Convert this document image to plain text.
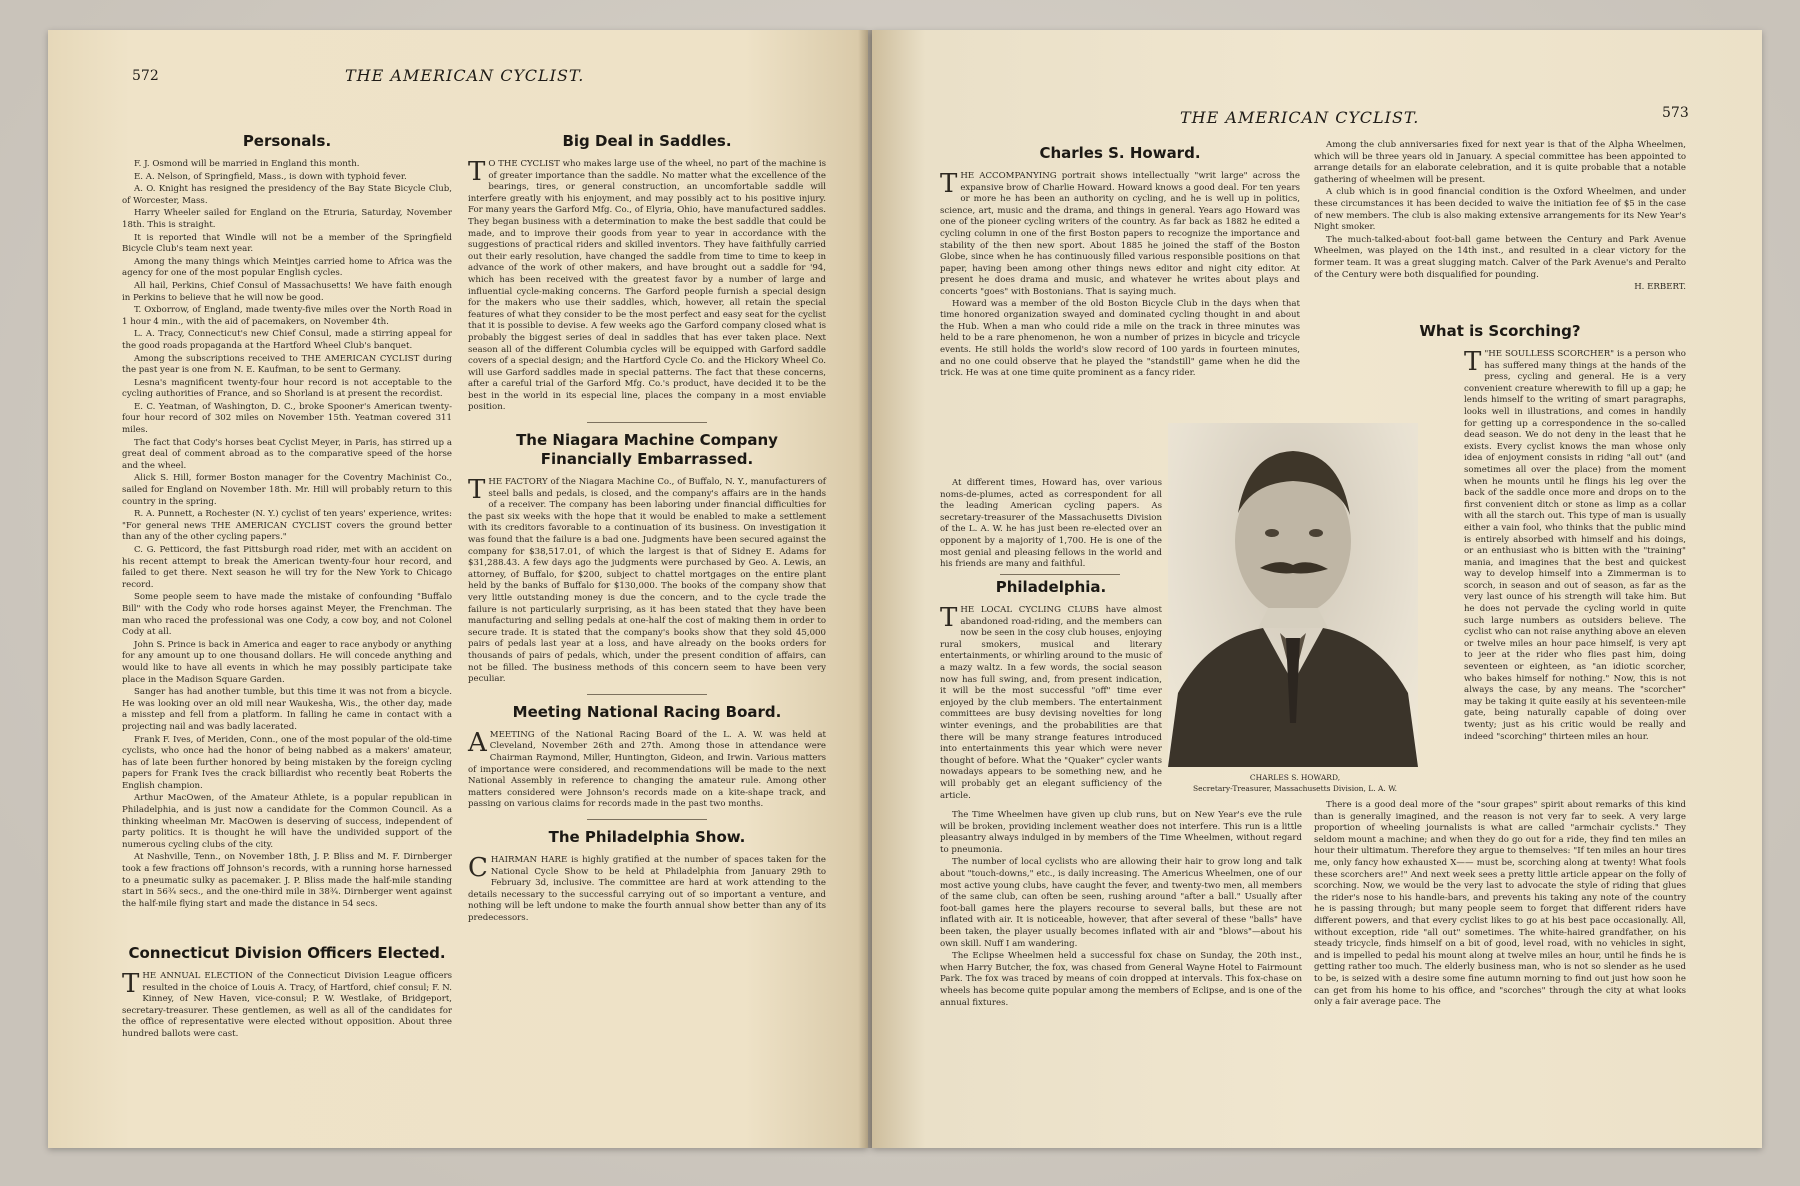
572	THE AMERICAN CYCLIST.
Personals.

F. J. Osmond will be married in England this month.

E. A. Nelson, of Springfield, Mass., is down with typhoid fever.

A. O. Knight has resigned the presidency of the Bay State Bicycle Club, of Worcester, Mass.

Harry Wheeler sailed for England on the Etruria, Saturday, November 18th. This is straight.

It is reported that Windle will not be a member of the Springfield Bicycle Club's team next year.

Among the many things which Meintjes carried home to Africa was the agency for one of the most popular English cycles.

All hail, Perkins, Chief Consul of Massachusetts! We have faith enough in Perkins to believe that he will now be good.

T. Oxborrow, of England, made twenty-five miles over the North Road in 1 hour 4 min., with the aid of pacemakers, on November 4th.

L. A. Tracy, Connecticut's new Chief Consul, made a stirring appeal for the good roads propaganda at the Hartford Wheel Club's banquet.

Among the subscriptions received to THE AMERICAN CYCLIST during the past year is one from N. E. Kaufman, to be sent to Germany.

Lesna's magnificent twenty-four hour record is not acceptable to the cycling authorities of France, and so Shorland is at present the recordist.

E. C. Yeatman, of Washington, D. C., broke Spooner's American twenty-four hour record of 302 miles on November 15th. Yeatman covered 311 miles.

The fact that Cody's horses beat Cyclist Meyer, in Paris, has stirred up a great deal of comment abroad as to the comparative speed of the horse and the wheel.

Alick S. Hill, former Boston manager for the Coventry Machinist Co., sailed for England on November 18th. Mr. Hill will probably return to this country in the spring.

R. A. Punnett, a Rochester (N. Y.) cyclist of ten years' experience, writes: "For general news THE AMERICAN CYCLIST covers the ground better than any of the other cycling papers."

C. G. Petticord, the fast Pittsburgh road rider, met with an accident on his recent attempt to break the American twenty-four hour record, and failed to get there. Next season he will try for the New York to Chicago record.

Some people seem to have made the mistake of confounding "Buffalo Bill" with the Cody who rode horses against Meyer, the Frenchman. The man who raced the professional was one Cody, a cow boy, and not Colonel Cody at all.

John S. Prince is back in America and eager to race anybody or anything for any amount up to one thousand dollars. He will concede anything and would like to have all events in which he may possibly participate take place in the Madison Square Garden.

Sanger has had another tumble, but this time it was not from a bicycle. He was looking over an old mill near Waukesha, Wis., the other day, made a misstep and fell from a platform. In falling he came in contact with a projecting nail and was badly lacerated.

Frank F. Ives, of Meriden, Conn., one of the most popular of the old-time cyclists, who once had the honor of being nabbed as a makers' amateur, has of late been further honored by being mistaken by the foreign cycling papers for Frank Ives the crack billiardist who recently beat Roberts the English champion.

Arthur MacOwen, of the Amateur Athlete, is a popular republican in Philadelphia, and is just now a candidate for the Common Council. As a thinking wheelman Mr. MacOwen is deserving of success, independent of party politics. It is thought he will have the undivided support of the numerous cycling clubs of the city.

At Nashville, Tenn., on November 18th, J. P. Bliss and M. F. Dirnberger took a few fractions off Johnson's records, with a running horse harnessed to a pneumatic sulky as pacemaker. J. P. Bliss made the half-mile standing start in 56¾ secs., and the one-third mile in 38¾. Dirnberger went against the half-mile flying start and made the distance in 54 secs.

Connecticut Division Officers Elected.
T HE ANNUAL ELECTION of the Connecticut Division League officers resulted in the choice of Louis A. Tracy, of Hartford, chief consul; F. N. Kinney, of New Haven, vice-consul; P. W. Westlake, of Bridgeport, secretary-treasurer. These gentlemen, as well as all of the candidates for the office of representative were elected without opposition. About three hundred ballots were cast.
Big Deal in Saddles.
T O THE CYCLIST who makes large use of the wheel, no part of the machine is of greater importance than the saddle. No matter what the excellence of the bearings, tires, or general construction, an uncomfortable saddle will interfere greatly with his enjoyment, and may possibly act to his positive injury. For many years the Garford Mfg. Co., of Elyria, Ohio, have manufactured saddles. They began business with a determination to make the best saddle that could be made, and to improve their goods from year to year in accordance with the suggestions of practical riders and skilled inventors. They have faithfully carried out their early resolution, have changed the saddle from time to time to keep in advance of the work of other makers, and have brought out a saddle for '94, which has been received with the greatest favor by a number of large and influential cycle-making concerns. The Garford people furnish a special design for the makers who use their saddles, which, however, all retain the special features of what they consider to be the most perfect and easy seat for the cyclist that it is possible to devise. A few weeks ago the Garford company closed what is probably the biggest series of deal in saddles that has ever taken place. Next season all of the different Columbia cycles will be equipped with Garford saddle covers of a special design; and the Hartford Cycle Co. and the Hickory Wheel Co. will use Garford saddles made in special patterns. The fact that these concerns, after a careful trial of the Garford Mfg. Co.'s product, have decided it to be the best in the world in its especial line, places the company in a most enviable position.
The Niagara Machine Company Financially Embarrassed.
T HE FACTORY of the Niagara Machine Co., of Buffalo, N. Y., manufacturers of steel balls and pedals, is closed, and the company's affairs are in the hands of a receiver. The company has been laboring under financial difficulties for the past six weeks with the hope that it would be enabled to make a settlement with its creditors favorable to a continuation of its business. On investigation it was found that the failure is a bad one. Judgments have been secured against the company for $38,517.01, of which the largest is that of Sidney E. Adams for $31,288.43. A few days ago the judgments were purchased by Geo. A. Lewis, an attorney, of Buffalo, for $200, subject to chattel mortgages on the entire plant held by the banks of Buffalo for $130,000. The books of the company show that very little outstanding money is due the concern, and to the cycle trade the failure is not particularly surprising, as it has been stated that they have been manufacturing and selling pedals at one-half the cost of making them in order to secure trade. It is stated that the company's books show that they sold 45,000 pairs of pedals last year at a loss, and have already on the books orders for thousands of pairs of pedals, which, under the present condition of affairs, can not be filled. The business methods of this concern seem to have been very peculiar.
Meeting National Racing Board.
A MEETING of the National Racing Board of the L. A. W. was held at Cleveland, November 26th and 27th. Among those in attendance were Chairman Raymond, Miller, Huntington, Gideon, and Irwin. Various matters of importance were considered, and recommendations will be made to the next National Assembly in reference to changing the amateur rule. Among other matters considered were Johnson's records made on a kite-shape track, and passing on various claims for records made in the past two months.
The Philadelphia Show.
C HAIRMAN HARE is highly gratified at the number of spaces taken for the National Cycle Show to be held at Philadelphia from January 29th to February 3d, inclusive. The committee are hard at work attending to the details necessary to the successful carrying out of so important a venture, and nothing will be left undone to make the fourth annual show better than any of its predecessors.
THE AMERICAN CYCLIST.	573
Charles S. Howard.
T HE ACCOMPANYING portrait shows intellectually "writ large" across the expansive brow of Charlie Howard. Howard knows a good deal. For ten years or more he has been an authority on cycling, and he is well up in politics, science, art, music and the drama, and things in general. Years ago Howard was one of the pioneer cycling writers of the country. As far back as 1882 he edited a cycling column in one of the first Boston papers to recognize the importance and stability of the then new sport. About 1885 he joined the staff of the Boston Globe, since when he has continuously filled various responsible positions on that paper, having been among other things news editor and night city editor. At present he does drama and music, and whatever he writes about plays and concerts "goes" with Bostonians. That is saying much.

Howard was a member of the old Boston Bicycle Club in the days when that time honored organization swayed and dominated cycling thought in and about the Hub. When a man who could ride a mile on the track in three minutes was held to be a rare phenomenon, he won a number of prizes in bicycle and tricycle events. He still holds the world's slow record of 100 yards in fourteen minutes, and no one could observe that he played the "standstill" game when he did the trick. He was at one time quite prominent as a fancy rider.

At different times, Howard has, over various noms-de-plumes, acted as correspondent for all the leading American cycling papers. As secretary-treasurer of the Massachusetts Division of the L. A. W. he has just been re-elected over an opponent by a majority of 1,700. He is one of the most genial and pleasing fellows in the world and his friends are many and faithful.

Philadelphia.
T HE LOCAL CYCLING CLUBS have almost abandoned road-riding, and the members can now be seen in the cosy club houses, enjoying rural smokers, musical and literary entertainments, or whirling around to the music of a mazy waltz. In a few words, the social season now has full swing, and, from present indication, it will be the most successful "off" time ever enjoyed by the club members. The entertainment committees are busy devising novelties for long winter evenings, and the probabilities are that there will be many strange features introduced into entertainments this year which were never thought of before. What the "Quaker" cycler wants nowadays appears to be something new, and he will probably get an elegant sufficiency of the article.

The Time Wheelmen have given up club runs, but on New Year's eve the rule will be broken, providing inclement weather does not interfere. This run is a little pleasantry always indulged in by members of the Time Wheelmen, without regard to pneumonia.

The number of local cyclists who are allowing their hair to grow long and talk about "touch-downs," etc., is daily increasing. The Americus Wheelmen, one of our most active young clubs, have caught the fever, and twenty-two men, all members of the same club, can often be seen, rushing around "after a ball." Usually after foot-ball games here the players recourse to several balls, but these are not inflated with air. It is noticeable, however, that after several of these "balls" have been taken, the player usually becomes inflated with air and "blows"—about his own skill. Nuff I am wandering.

The Eclipse Wheelmen held a successful fox chase on Sunday, the 20th inst., when Harry Butcher, the fox, was chased from General Wayne Hotel to Fairmount Park. The fox was traced by means of coin dropped at intervals. This fox-chase on wheels has become quite popular among the members of Eclipse, and is one of the annual fixtures.

CHARLES S. HOWARD,
Secretary-Treasurer, Massachusetts Division, L. A. W.

Among the club anniversaries fixed for next year is that of the Alpha Wheelmen, which will be three years old in January. A special committee has been appointed to arrange details for an elaborate celebration, and it is quite probable that a notable gathering of wheelmen will be present.

A club which is in good financial condition is the Oxford Wheelmen, and under these circumstances it has been decided to waive the initiation fee of $5 in the case of new members. The club is also making extensive arrangements for its New Year's Night smoker.

The much-talked-about foot-ball game between the Century and Park Avenue Wheelmen, was played on the 14th inst., and resulted in a clear victory for the former team. It was a great slugging match. Calver of the Park Avenue's and Peralto of the Century were both disqualified for pounding.

H. ERBERT.
What is Scorching?
T "HE SOULLESS SCORCHER" is a person who has suffered many things at the hands of the press, cycling and general. He is a very convenient creature wherewith to fill up a gap; he lends himself to the writing of smart paragraphs, looks well in illustrations, and comes in handily for getting up a correspondence in the so-called dead season. We do not deny in the least that he exists. Every cyclist knows the man whose only idea of enjoyment consists in riding "all out" (and sometimes all over the place) from the moment when he mounts until he flings his leg over the back of the saddle once more and drops on to the first convenient ditch or stone as limp as a collar with all the starch out. This type of man is usually either a vain fool, who thinks that the public mind is entirely absorbed with himself and his doings, or an enthusiast who is bitten with the "training" mania, and imagines that the best and quickest way to develop himself into a Zimmerman is to scorch, in season and out of season, as far as the very last ounce of his strength will take him. But he does not pervade the cycling world in quite such large numbers as outsiders believe. The cyclist who can not raise anything above an eleven or twelve miles an hour pace himself, is very apt to jeer at the rider who flies past him, doing seventeen or eighteen, as "an idiotic scorcher, who bakes himself for nothing." Now, this is not always the case, by any means. The "scorcher" may be taking it quite easily at his seventeen-mile gate, being naturally capable of doing over twenty; just as his critic would be really and indeed "scorching" thirteen miles an hour.

There is a good deal more of the "sour grapes" spirit about remarks of this kind than is generally imagined, and the reason is not very far to seek. A very large proportion of wheeling journalists is what are called "armchair cyclists." They seldom mount a machine; and when they do go out for a ride, they find ten miles an hour their ultimatum. Therefore they argue to themselves: "If ten miles an hour tires me, only fancy how exhausted X—— must be, scorching along at twenty! What fools these scorchers are!" And next week sees a pretty little article appear on the folly of scorching. Now, we would be the very last to advocate the style of riding that glues the rider's nose to his handle-bars, and prevents his taking any note of the country he is passing through; but many people seem to forget that different riders have different powers, and that every cyclist likes to go at his best pace occasionally. All, without exception, ride "all out" sometimes. The white-haired grandfather, on his steady tricycle, finds himself on a bit of good, level road, with no vehicles in sight, and is impelled to pedal his mount along at twelve miles an hour, until he finds he is getting rather too much. The elderly business man, who is not so slender as he used to be, is seized with a desire some fine autumn morning to find out just how soon he can get from his home to his office, and "scorches" through the city at what looks only a fair average pace. The
